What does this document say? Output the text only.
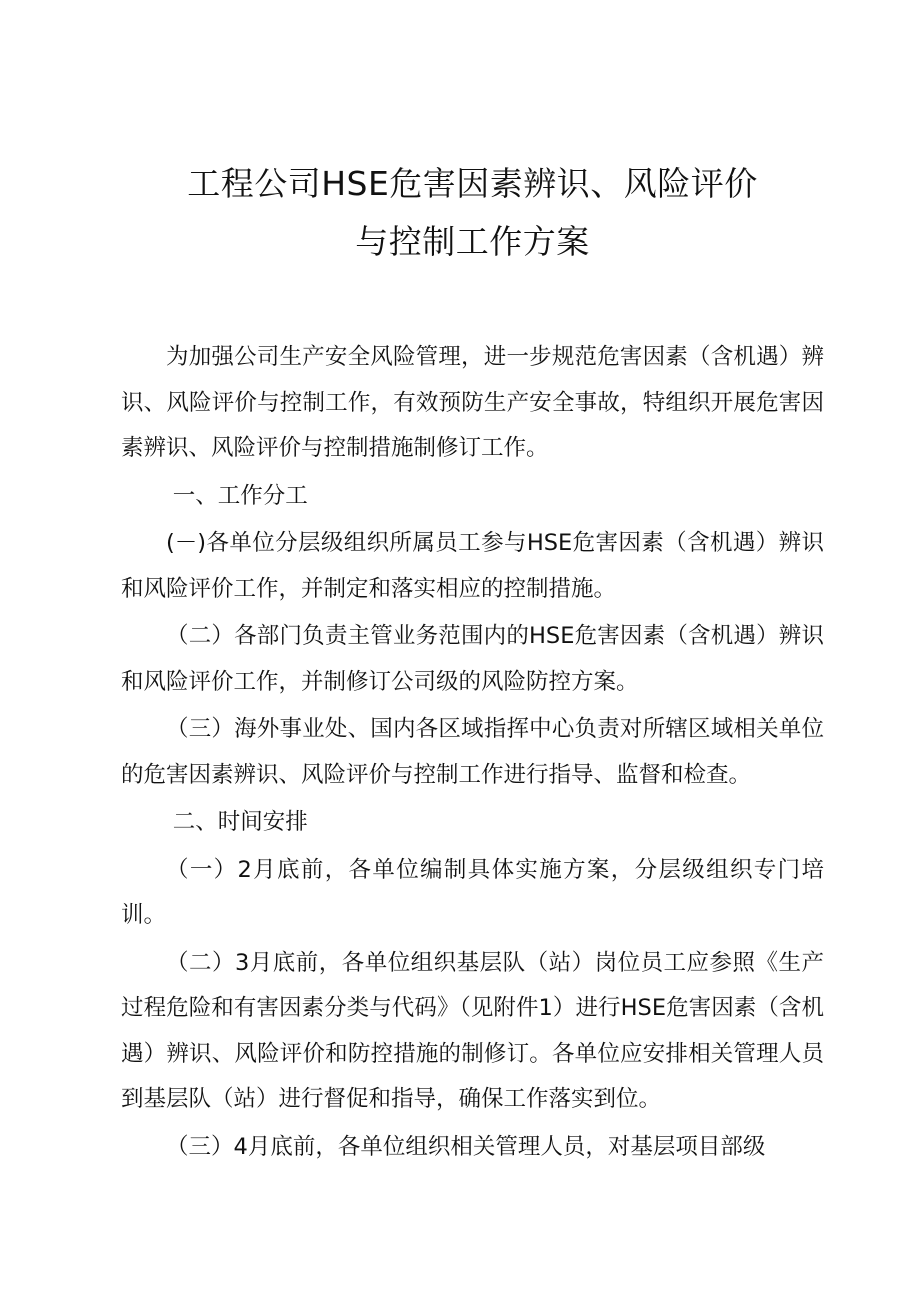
工程公司HSE危害因素辨识、风险评价
与控制工作方案

为加强公司生产安全风险管理，进一步规范危害因素（含机遇）辨识、风险评价与控制工作，有效预防生产安全事故，特组织开展危害因素辨识、风险评价与控制措施制修订工作。

一、工作分工

(－)各单位分层级组织所属员工参与HSE危害因素（含机遇）辨识和风险评价工作，并制定和落实相应的控制措施。

（二）各部门负责主管业务范围内的HSE危害因素（含机遇）辨识和风险评价工作，并制修订公司级的风险防控方案。

（三）海外事业处、国内各区域指挥中心负责对所辖区域相关单位的危害因素辨识、风险评价与控制工作进行指导、监督和检查。

二、时间安排

（一）2月底前，各单位编制具体实施方案，分层级组织专门培训。

（二）3月底前，各单位组织基层队（站）岗位员工应参照《生产过程危险和有害因素分类与代码》（见附件1）进行HSE危害因素（含机遇）辨识、风险评价和防控措施的制修订。各单位应安排相关管理人员到基层队（站）进行督促和指导，确保工作落实到位。

（三）4月底前，各单位组织相关管理人员，对基层项目部级
